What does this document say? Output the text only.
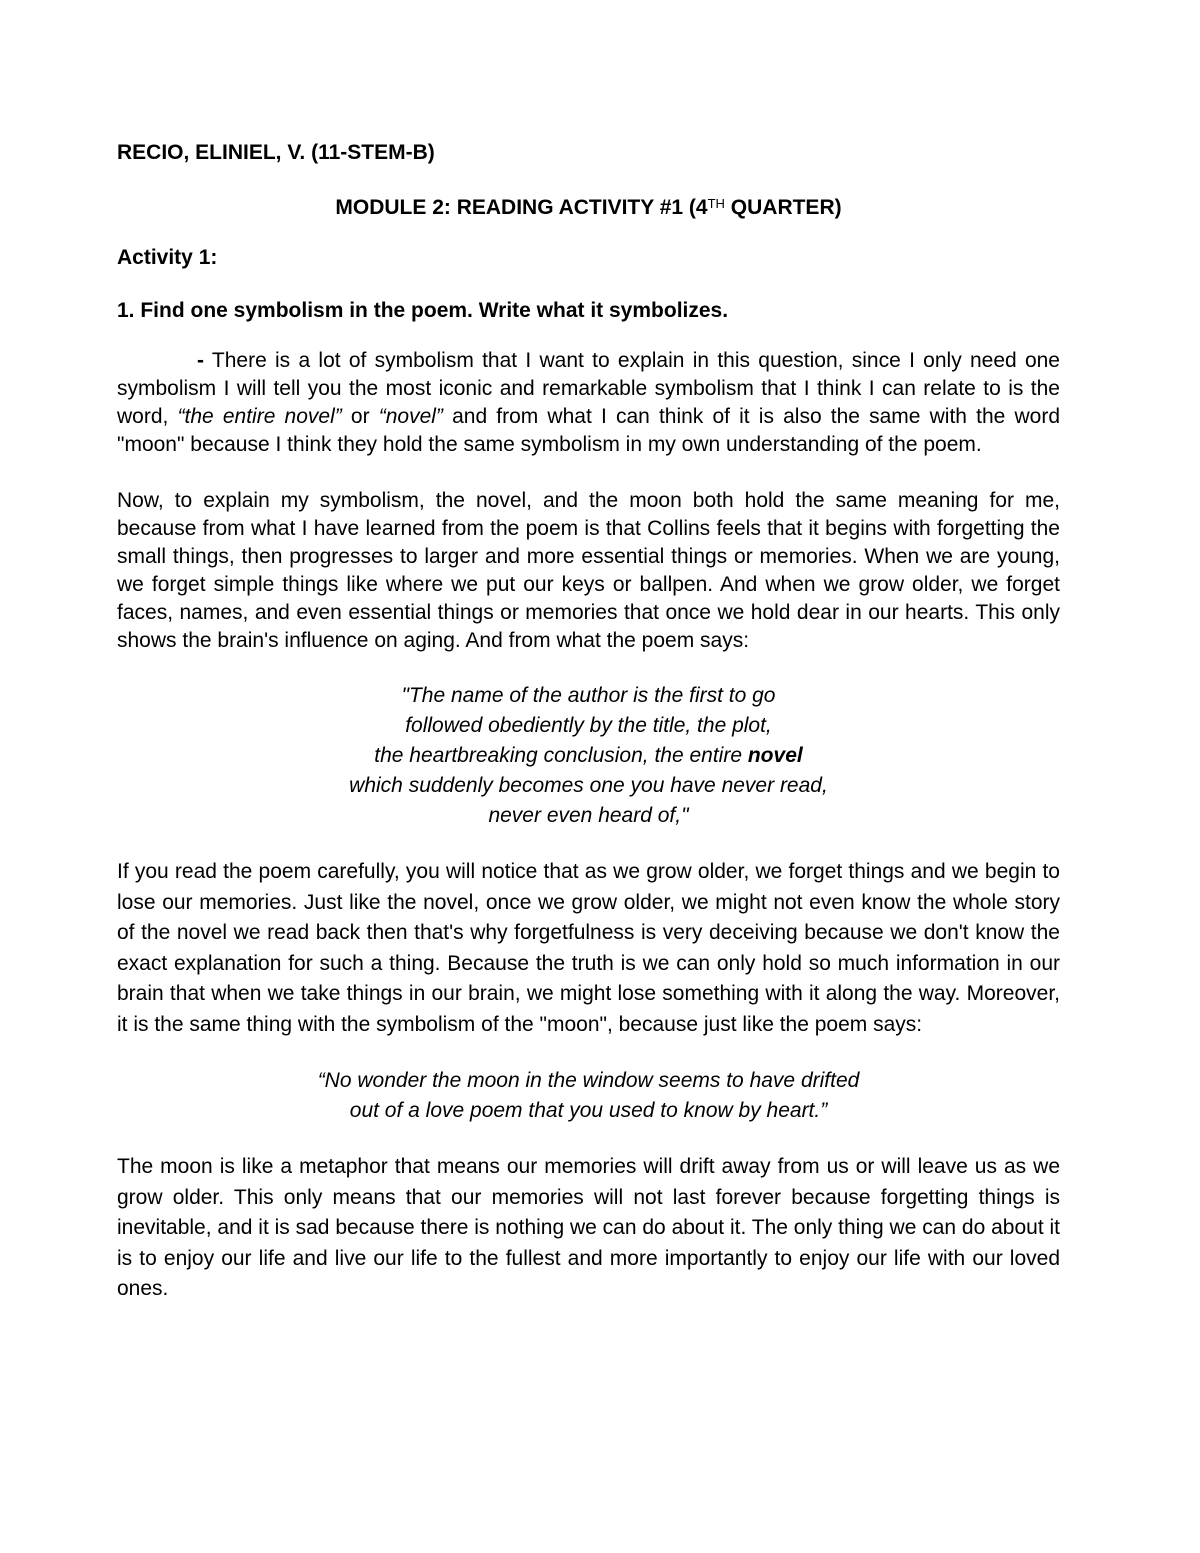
RECIO, ELINIEL, V. (11-STEM-B)

MODULE 2: READING ACTIVITY #1 (4TH QUARTER)

Activity 1:

1. Find one symbolism in the poem. Write what it symbolizes.

- There is a lot of symbolism that I want to explain in this question, since I only need one symbolism I will tell you the most iconic and remarkable symbolism that I think I can relate to is the word, “the entire novel” or “novel” and from what I can think of it is also the same with the word "moon" because I think they hold the same symbolism in my own understanding of the poem.

Now, to explain my symbolism, the novel, and the moon both hold the same meaning for me, because from what I have learned from the poem is that Collins feels that it begins with forgetting the small things, then progresses to larger and more essential things or memories. When we are young, we forget simple things like where we put our keys or ballpen. And when we grow older, we forget faces, names, and even essential things or memories that once we hold dear in our hearts. This only shows the brain's influence on aging. And from what the poem says:

"The name of the author is the first to go
followed obediently by the title, the plot,
the heartbreaking conclusion, the entire novel
which suddenly becomes one you have never read,
never even heard of,"

If you read the poem carefully, you will notice that as we grow older, we forget things and we begin to lose our memories. Just like the novel, once we grow older, we might not even know the whole story of the novel we read back then that's why forgetfulness is very deceiving because we don't know the exact explanation for such a thing. Because the truth is we can only hold so much information in our brain that when we take things in our brain, we might lose something with it along the way. Moreover, it is the same thing with the symbolism of the "moon", because just like the poem says:

“No wonder the moon in the window seems to have drifted
out of a love poem that you used to know by heart.”

The moon is like a metaphor that means our memories will drift away from us or will leave us as we grow older. This only means that our memories will not last forever because forgetting things is inevitable, and it is sad because there is nothing we can do about it. The only thing we can do about it is to enjoy our life and live our life to the fullest and more importantly to enjoy our life with our loved ones.
